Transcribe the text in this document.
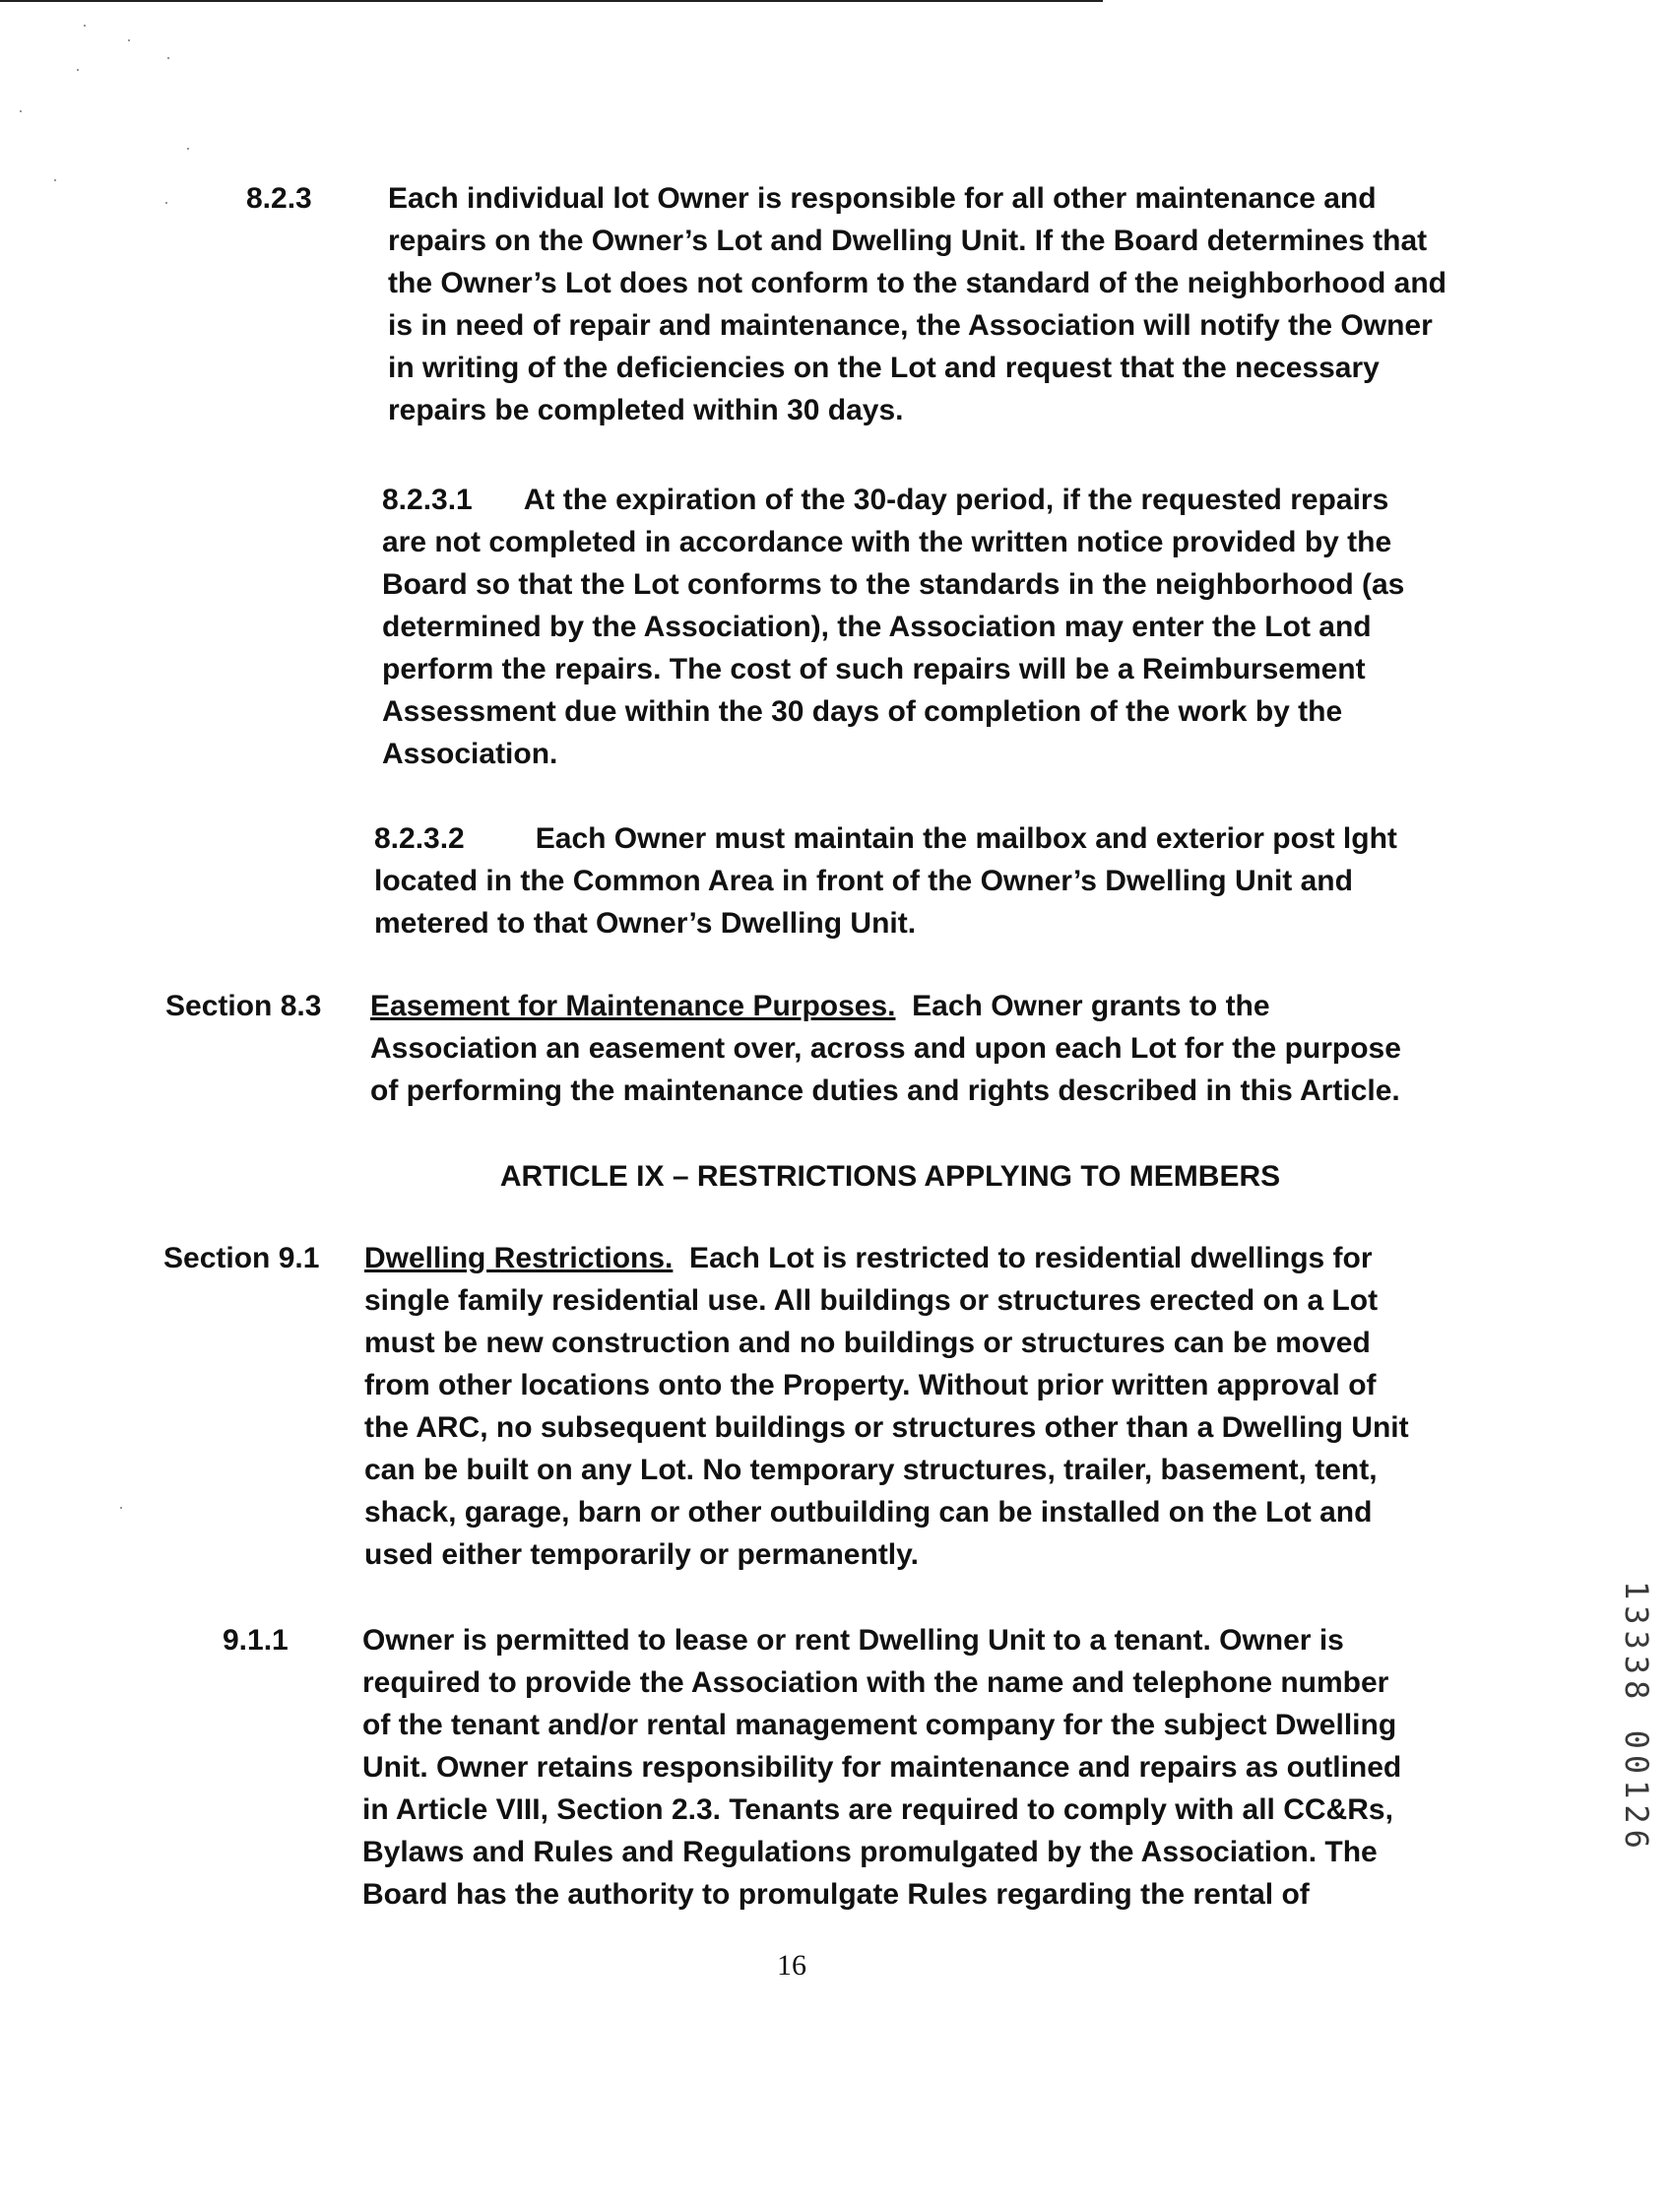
8.2.3	Each individual lot Owner is responsible for all other maintenance and
repairs on the Owner’s Lot and Dwelling Unit. If the Board determines that
the Owner’s Lot does not conform to the standard of the neighborhood and
is in need of repair and maintenance, the Association will notify the Owner
in writing of the deficiencies on the Lot and request that the necessary
repairs be completed within 30 days.
8.2.3.1 At the expiration of the 30-day period, if the requested repairs
are not completed in accordance with the written notice provided by the
Board so that the Lot conforms to the standards in the neighborhood (as
determined by the Association), the Association may enter the Lot and
perform the repairs. The cost of such repairs will be a Reimbursement
Assessment due within the 30 days of completion of the work by the
Association.
8.2.3.2 Each Owner must maintain the mailbox and exterior post lght
located in the Common Area in front of the Owner’s Dwelling Unit and
metered to that Owner’s Dwelling Unit.
Section 8.3 Easement for Maintenance Purposes.  Each Owner grants to the
Association an easement over, across and upon each Lot for the purpose
of performing the maintenance duties and rights described in this Article.
ARTICLE IX – RESTRICTIONS APPLYING TO MEMBERS
Section 9.1 Dwelling Restrictions.  Each Lot is restricted to residential dwellings for
single family residential use. All buildings or structures erected on a Lot
must be new construction and no buildings or structures can be moved
from other locations onto the Property. Without prior written approval of
the ARC, no subsequent buildings or structures other than a Dwelling Unit
can be built on any Lot. No temporary structures, trailer, basement, tent,
shack, garage, barn or other outbuilding can be installed on the Lot and
used either temporarily or permanently.
9.1.1	Owner is permitted to lease or rent Dwelling Unit to a tenant. Owner is
required to provide the Association with the name and telephone number
of the tenant and/or rental management company for the subject Dwelling
Unit. Owner retains responsibility for maintenance and repairs as outlined
in Article VIII, Section 2.3. Tenants are required to comply with all CC&Rs,
Bylaws and Rules and Regulations promulgated by the Association. The
Board has the authority to promulgate Rules regarding the rental of
16
13338 00126
